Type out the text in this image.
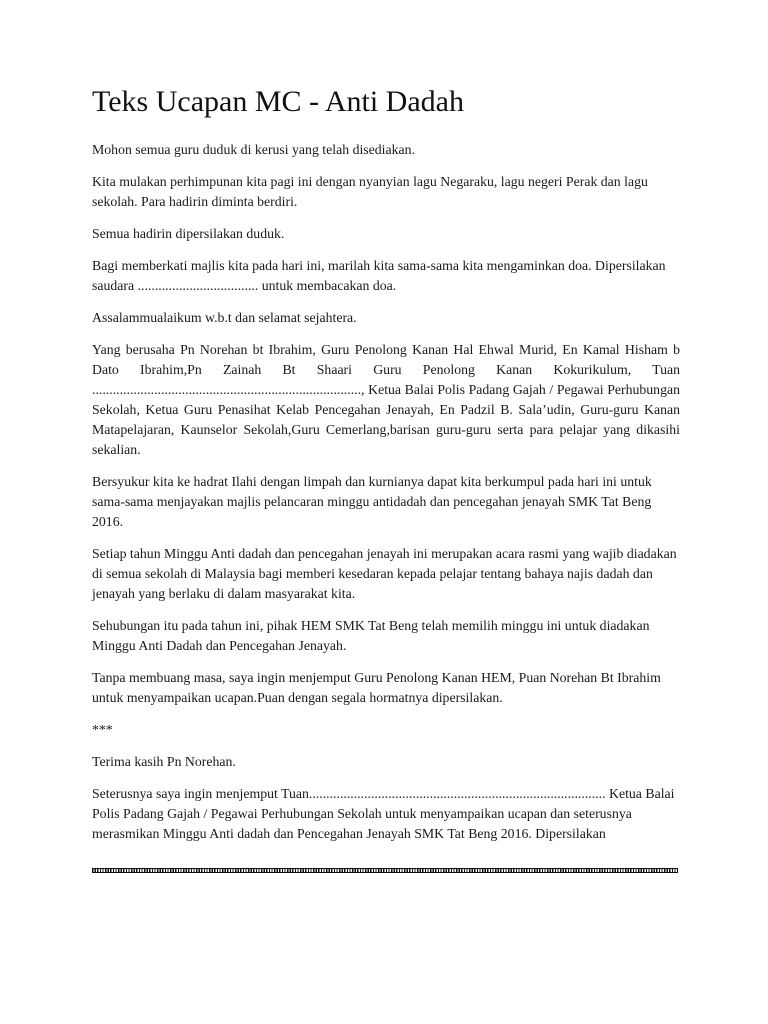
Teks Ucapan MC - Anti Dadah

Mohon semua guru duduk di kerusi yang telah disediakan.

Kita mulakan perhimpunan kita pagi ini dengan nyanyian lagu Negaraku, lagu negeri Perak dan lagu sekolah. Para hadirin diminta berdiri.

Semua hadirin dipersilakan duduk.

Bagi memberkati majlis kita pada hari ini, marilah kita sama-sama kita mengaminkan doa. Dipersilakan saudara ................................... untuk membacakan doa.

Assalammualaikum w.b.t dan selamat sejahtera.

Yang berusaha Pn Norehan bt Ibrahim, Guru Penolong Kanan Hal Ehwal Murid, En Kamal Hisham b Dato Ibrahim,Pn Zainah Bt Shaari Guru Penolong Kanan Kokurikulum, Tuan .............................................................................., Ketua Balai Polis Padang Gajah / Pegawai Perhubungan Sekolah, Ketua Guru Penasihat Kelab Pencegahan Jenayah, En Padzil B. Sala’udin, Guru-guru Kanan Matapelajaran, Kaunselor Sekolah,Guru Cemerlang,barisan guru-guru serta para pelajar yang dikasihi sekalian.

Bersyukur kita ke hadrat Ilahi dengan limpah dan kurnianya dapat kita berkumpul pada hari ini untuk sama-sama menjayakan majlis pelancaran minggu antidadah dan pencegahan jenayah SMK Tat Beng 2016.

Setiap tahun Minggu Anti dadah dan pencegahan jenayah ini merupakan acara rasmi yang wajib diadakan di semua sekolah di Malaysia bagi memberi kesedaran kepada pelajar tentang bahaya najis dadah dan jenayah yang berlaku di dalam masyarakat kita.

Sehubungan itu pada tahun ini, pihak HEM SMK Tat Beng telah memilih minggu ini untuk diadakan Minggu Anti Dadah dan Pencegahan Jenayah.

Tanpa membuang masa, saya ingin menjemput Guru Penolong Kanan HEM, Puan Norehan Bt Ibrahim untuk menyampaikan ucapan.Puan dengan segala hormatnya dipersilakan.

***

Terima kasih Pn Norehan.

Seterusnya saya ingin menjemput Tuan...................................................................................... Ketua Balai Polis Padang Gajah / Pegawai Perhubungan Sekolah untuk menyampaikan ucapan dan seterusnya merasmikan Minggu Anti dadah dan Pencegahan Jenayah SMK Tat Beng 2016. Dipersilakan
